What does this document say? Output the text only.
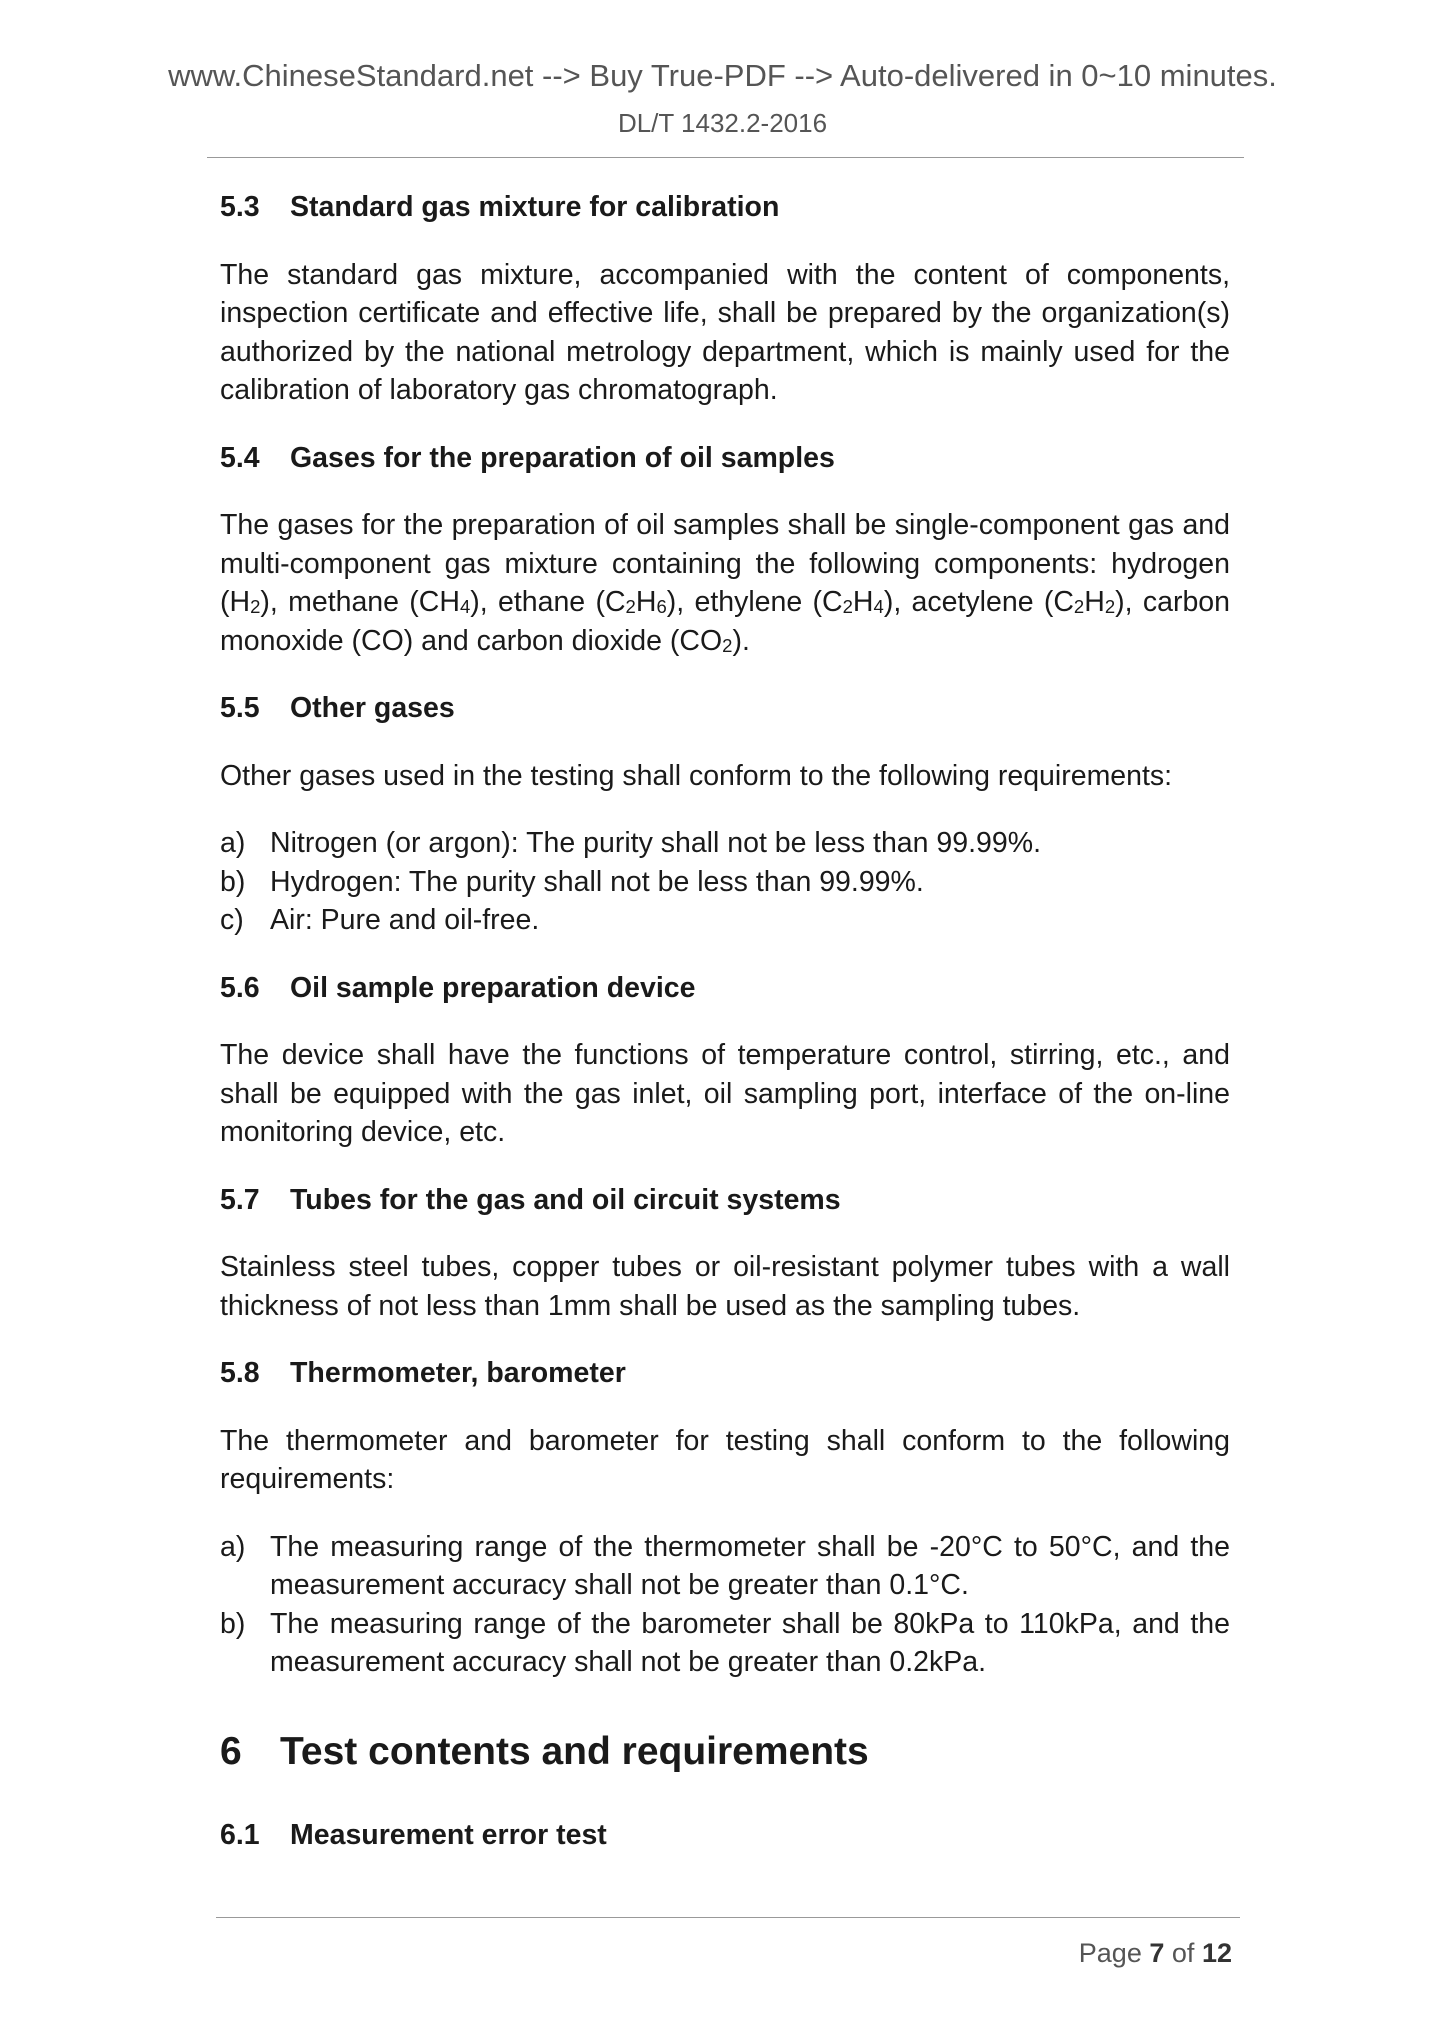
www.ChineseStandard.net --> Buy True-PDF --> Auto-delivered in 0~10 minutes.
DL/T 1432.2-2016
5.3 Standard gas mixture for calibration
The standard gas mixture, accompanied with the content of components, inspection certificate and effective life, shall be prepared by the organization(s) authorized by the national metrology department, which is mainly used for the calibration of laboratory gas chromatograph.
5.4 Gases for the preparation of oil samples
The gases for the preparation of oil samples shall be single-component gas and multi-component gas mixture containing the following components: hydrogen $(H_2)$, methane $(CH_4)$, ethane $(C_2H_6)$, ethylene $(C_2H_4)$, acetylene $(C_2H_2)$, carbon monoxide (CO) and carbon dioxide $(CO_2)$.
5.5 Other gases
Other gases used in the testing shall conform to the following requirements:
a) Nitrogen (or argon): The purity shall not be less than 99.99%.
b) Hydrogen: The purity shall not be less than 99.99%.
c) Air: Pure and oil-free.
5.6 Oil sample preparation device
The device shall have the functions of temperature control, stirring, etc., and shall be equipped with the gas inlet, oil sampling port, interface of the on-line monitoring device, etc.
5.7 Tubes for the gas and oil circuit systems
Stainless steel tubes, copper tubes or oil-resistant polymer tubes with a wall thickness of not less than 1mm shall be used as the sampling tubes.
5.8 Thermometer, barometer
The thermometer and barometer for testing shall conform to the following requirements:
a) The measuring range of the thermometer shall be -20°C to 50°C, and the measurement accuracy shall not be greater than 0.1°C.
b) The measuring range of the barometer shall be 80kPa to 110kPa, and the measurement accuracy shall not be greater than 0.2kPa.
6 Test contents and requirements
6.1 Measurement error test
Page 7 of 12
